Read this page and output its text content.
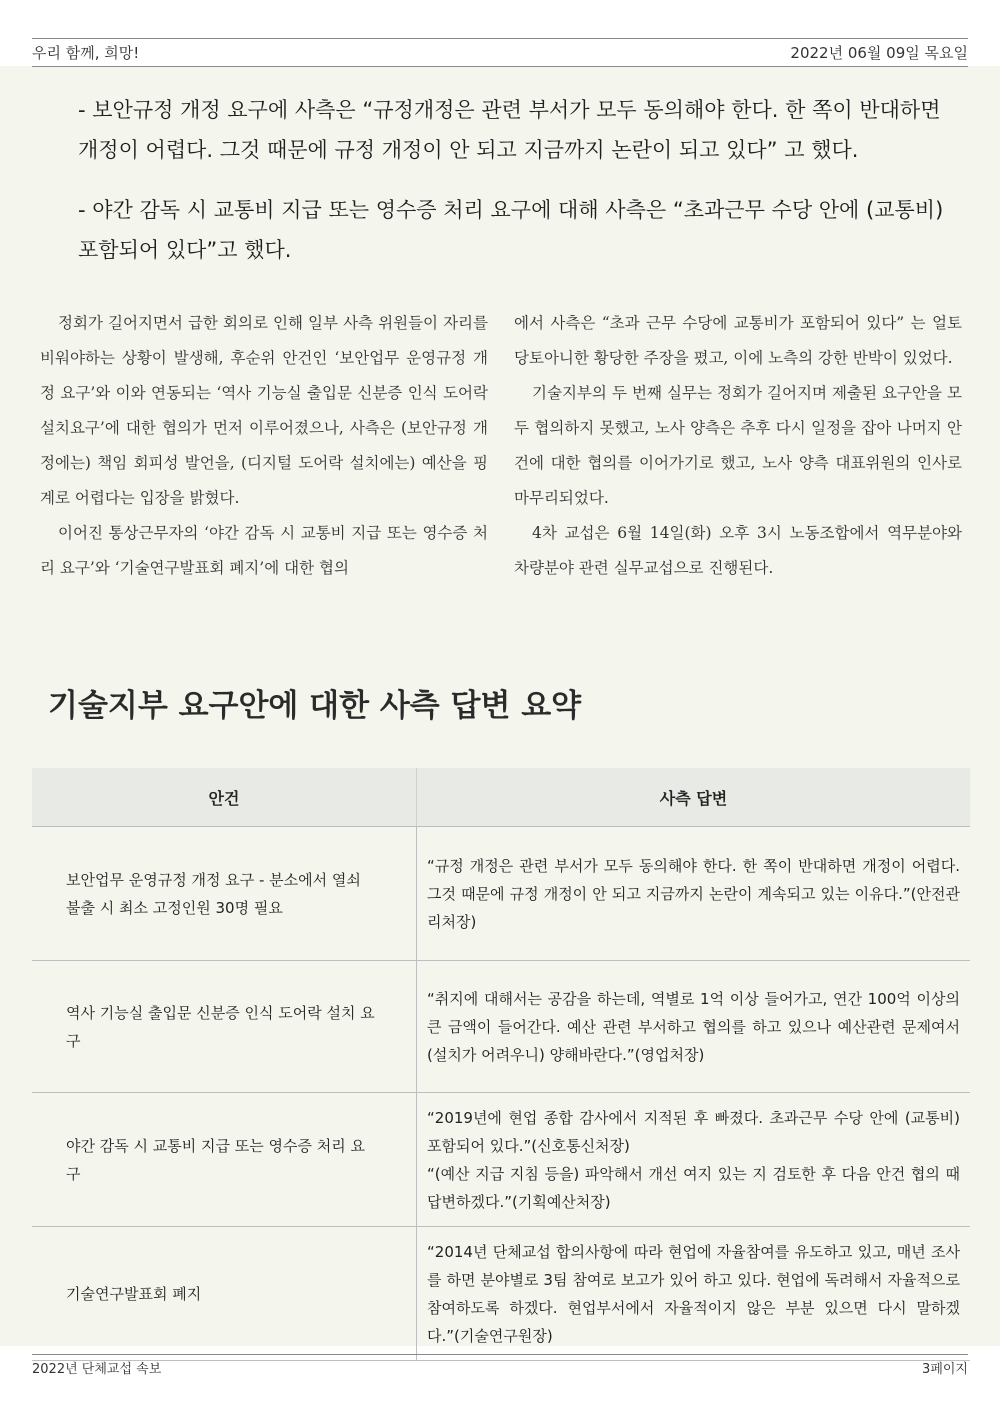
우리 함께, 희망!	2022년 06월 09일 목요일

- 보안규정 개정 요구에 사측은 “규정개정은 관련 부서가 모두 동의해야 한다. 한 쪽이 반대하면 개정이 어렵다. 그것 때문에 규정 개정이 안 되고 지금까지 논란이 되고 있다” 고 했다.

- 야간 감독 시 교통비 지급 또는 영수증 처리 요구에 대해 사측은 “초과근무 수당 안에 (교통비) 포함되어 있다”고 했다.

정회가 길어지면서 급한 회의로 인해 일부 사측 위원들이 자리를 비워야하는 상황이 발생해, 후순위 안건인 ‘보안업무 운영규정 개정 요구’와 이와 연동되는 ‘역사 기능실 출입문 신분증 인식 도어락 설치요구’에 대한 협의가 먼저 이루어졌으나, 사측은 (보안규정 개정에는) 책임 회피성 발언을, (디지털 도어락 설치에는) 예산을 핑계로 어렵다는 입장을 밝혔다.

이어진 통상근무자의 ‘야간 감독 시 교통비 지급 또는 영수증 처리 요구’와 ‘기술연구발표회 폐지’에 대한 협의

에서 사측은 “초과 근무 수당에 교통비가 포함되어 있다” 는 얼토당토아니한 황당한 주장을 폈고, 이에 노측의 강한 반박이 있었다.

기술지부의 두 번째 실무는 정회가 길어지며 제출된 요구안을 모두 협의하지 못했고, 노사 양측은 추후 다시 일정을 잡아 나머지 안건에 대한 협의를 이어가기로 했고, 노사 양측 대표위원의 인사로 마무리되었다.

4차 교섭은 6월 14일(화) 오후 3시 노동조합에서 역무분야와 차량분야 관련 실무교섭으로 진행된다.

기술지부 요구안에 대한 사측 답변 요약
안건	사측 답변
보안업무 운영규정 개정 요구 - 분소에서 열쇠 불출 시 최소 고정인원 30명 필요	“규정 개정은 관련 부서가 모두 동의해야 한다. 한 쪽이 반대하면 개정이 어렵다. 그것 때문에 규정 개정이 안 되고 지금까지 논란이 계속되고 있는 이유다.”(안전관리처장)
역사 기능실 출입문 신분증 인식 도어락 설치 요구	“취지에 대해서는 공감을 하는데, 역별로 1억 이상 들어가고, 연간 100억 이상의 큰 금액이 들어간다. 예산 관련 부서하고 협의를 하고 있으나 예산관련 문제여서 (설치가 어려우니) 양해바란다.”(영업처장)
야간 감독 시 교통비 지급 또는 영수증 처리 요구	“2019년에 현업 종합 감사에서 지적된 후 빠졌다. 초과근무 수당 안에 (교통비) 포함되어 있다.”(신호통신처장)
“(예산 지급 지침 등을) 파악해서 개선 여지 있는 지 검토한 후 다음 안건 협의 때 답변하겠다.”(기획예산처장)

기술연구발표회 폐지	“2014년 단체교섭 합의사항에 따라 현업에 자율참여를 유도하고 있고, 매년 조사를 하면 분야별로 3팀 참여로 보고가 있어 하고 있다. 현업에 독려해서 자율적으로 참여하도록 하겠다. 현업부서에서 자율적이지 않은 부분 있으면 다시 말하겠다.”(기술연구원장)
2022년 단체교섭 속보	3페이지
